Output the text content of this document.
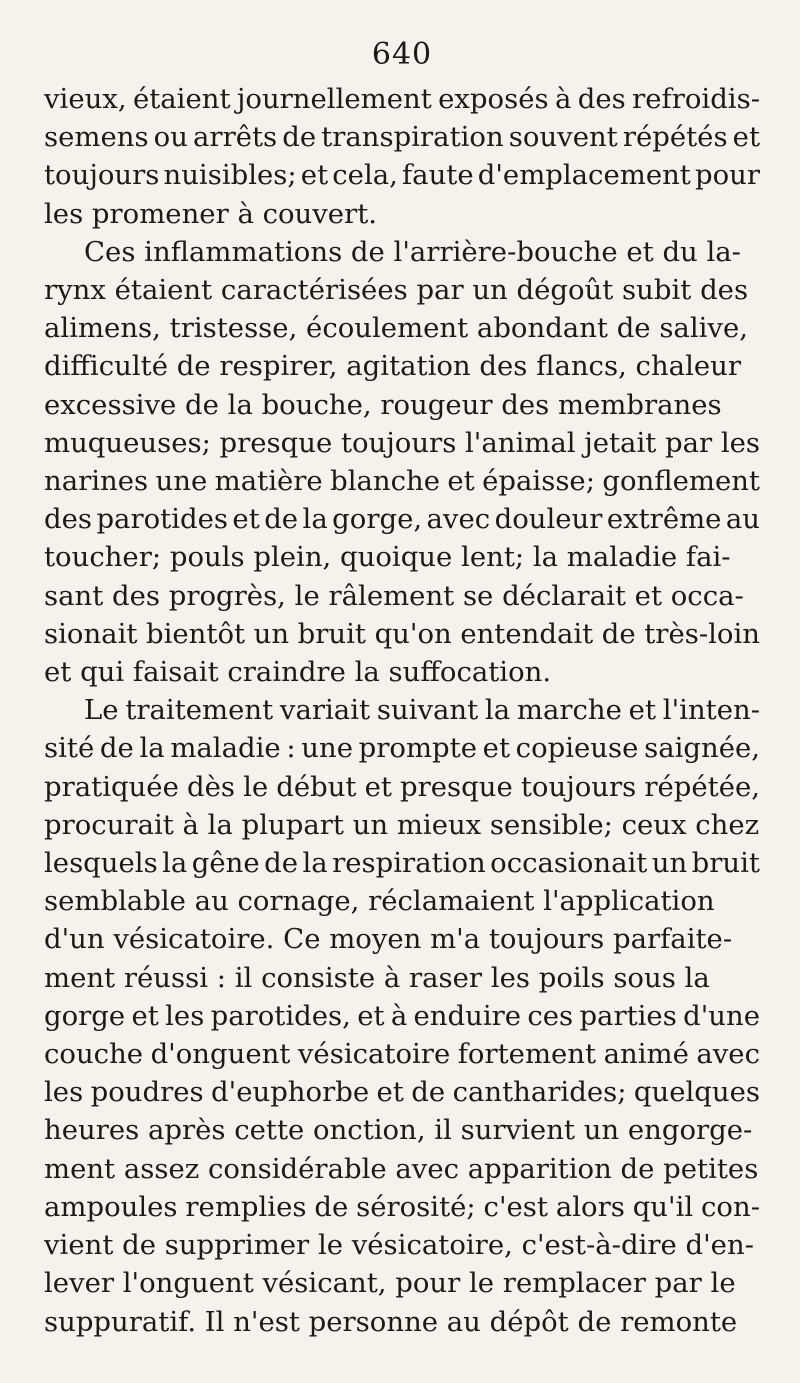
640

vieux, étaient journellement exposés à des refroidis-
semens ou arrêts de transpiration souvent répétés et
toujours nuisibles; et cela, faute d'emplacement pour
les promener à couvert.

Ces inflammations de l'arrière-bouche et du la-
rynx étaient caractérisées par un dégoût subit des
alimens, tristesse, écoulement abondant de salive,
difficulté de respirer, agitation des flancs, chaleur
excessive de la bouche, rougeur des membranes
muqueuses; presque toujours l'animal jetait par les
narines une matière blanche et épaisse; gonflement
des parotides et de la gorge, avec douleur extrême au
toucher; pouls plein, quoique lent; la maladie fai-
sant des progrès, le râlement se déclarait et occa-
sionait bientôt un bruit qu'on entendait de très-loin
et qui faisait craindre la suffocation.

Le traitement variait suivant la marche et l'inten-
sité de la maladie : une prompte et copieuse saignée,
pratiquée dès le début et presque toujours répétée,
procurait à la plupart un mieux sensible; ceux chez
lesquels la gêne de la respiration occasionait un bruit
semblable au cornage, réclamaient l'application
d'un vésicatoire. Ce moyen m'a toujours parfaite-
ment réussi : il consiste à raser les poils sous la
gorge et les parotides, et à enduire ces parties d'une
couche d'onguent vésicatoire fortement animé avec
les poudres d'euphorbe et de cantharides; quelques
heures après cette onction, il survient un engorge-
ment assez considérable avec apparition de petites
ampoules remplies de sérosité; c'est alors qu'il con-
vient de supprimer le vésicatoire, c'est-à-dire d'en-
lever l'onguent vésicant, pour le remplacer par le
suppuratif. Il n'est personne au dépôt de remonte
